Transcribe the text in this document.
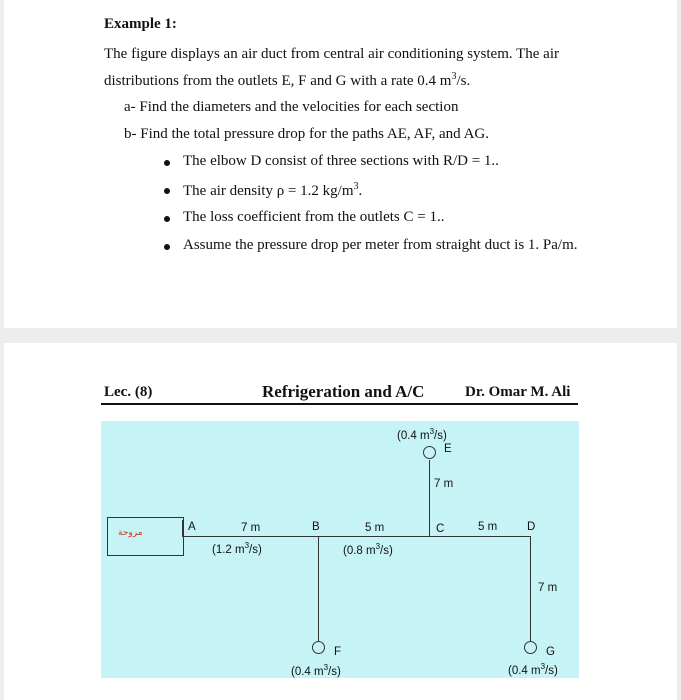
Example 1:
The figure displays an air duct from central air conditioning system. The air
distributions from the outlets E, F and G with a rate 0.4 $m^3/s$.
a- Find the diameters and the velocities for each section
b- Find the total pressure drop for the paths AE, AF, and AG.
The elbow D consist of three sections with R/D = 1..
The air density ρ = 1.2 $kg/m^3$.
The loss coefficient from the outlets C = 1..
Assume the pressure drop per meter from straight duct is 1. Pa/m.
Lec. (8)	Refrigeration and A/C	Dr. Omar M. Ali
مروحة
(0.4 $m^3/s$)
E
7 m
A	7 m	B	5 m	C	5 m	D
(1.2 $m^3/s$)	(0.8 $m^3/s$)
7 m
F	G
(0.4 $m^3/s$)	(0.4 $m^3/s$)
